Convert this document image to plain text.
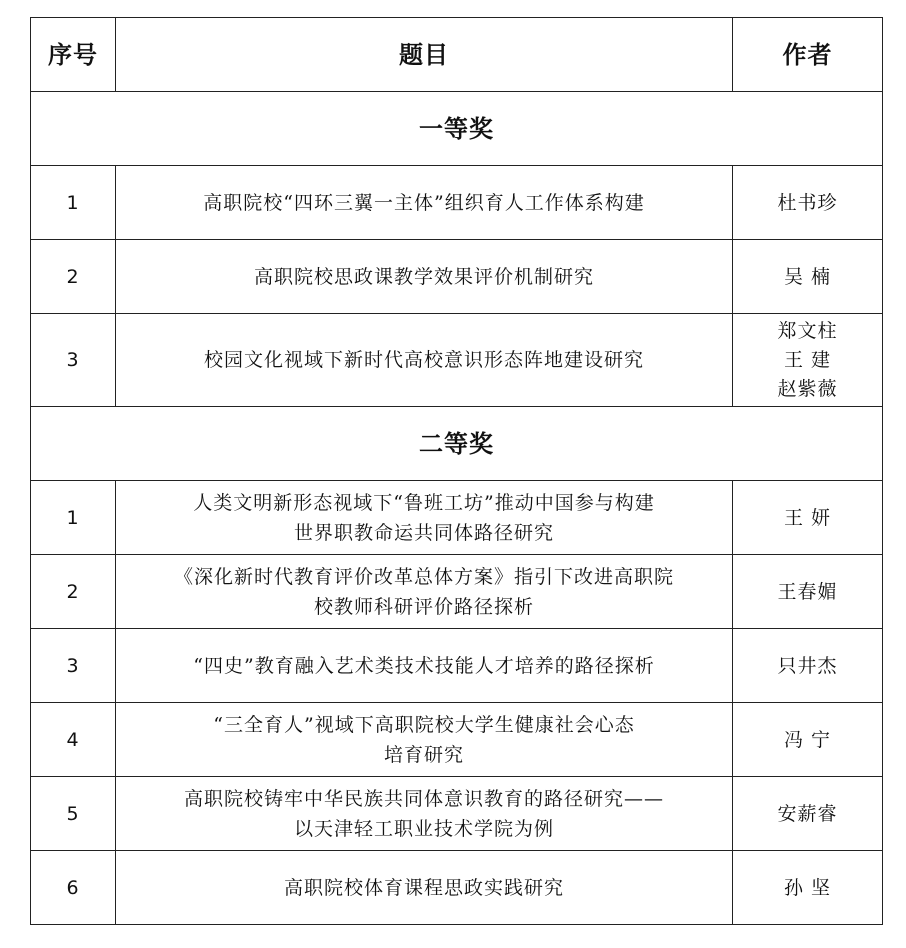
序号	题目	作者
一等奖		
1	高职院校“四环三翼一主体”组织育人工作体系构建	杜书珍

2	高职院校思政课教学效果评价机制研究	吴 楠

3	校园文化视域下新时代高校意识形态阵地建设研究	郑文柱
王 建
赵紫薇

二等奖		
1	人类文明新形态视域下“鲁班工坊”推动中国参与构建
世界职教命运共同体路径研究	王 妍

2	《深化新时代教育评价改革总体方案》指引下改进高职院
校教师科研评价路径探析	王春媚

3	“四史”教育融入艺术类技术技能人才培养的路径探析	只井杰

4	“三全育人”视域下高职院校大学生健康社会心态
培育研究	冯 宁

5	高职院校铸牢中华民族共同体意识教育的路径研究——
以天津轻工职业技术学院为例	安薪睿

6	高职院校体育课程思政实践研究	孙 坚
